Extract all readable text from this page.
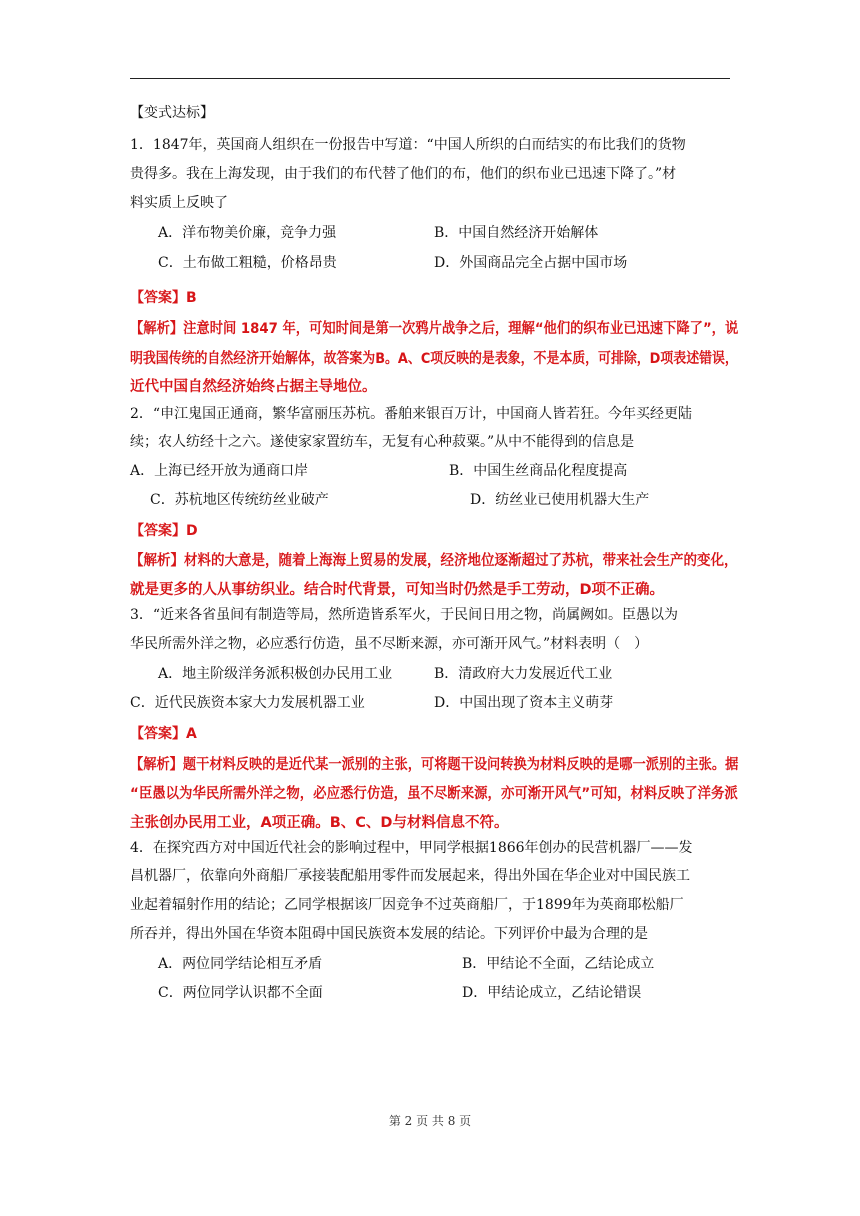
【变式达标】
1．1847年，英国商人组织在一份报告中写道：“中国人所织的白而结实的布比我们的货物
贵得多。我在上海发现，由于我们的布代替了他们的布，他们的织布业已迅速下降了。”材
料实质上反映了
A．洋布物美价廉，竞争力强	B．中国自然经济开始解体
C．土布做工粗糙，价格昂贵	D．外国商品完全占据中国市场
【答案】B
【解析】注意时间 1847 年，可知时间是第一次鸦片战争之后，理解“他们的织布业已迅速下降了”，说
明我国传统的自然经济开始解体，故答案为B。A、C项反映的是表象，不是本质，可排除，D项表述错误，
近代中国自然经济始终占据主导地位。
2．“申江鬼国正通商，繁华富丽压苏杭。番舶来银百万计，中国商人皆若狂。今年买经更陆
续；农人纺经十之六。遂使家家置纺车，无复有心种菽粟。”从中不能得到的信息是
A．上海已经开放为通商口岸	B．中国生丝商品化程度提高
C．苏杭地区传统纺丝业破产	D．纺丝业已使用机器大生产
【答案】D
【解析】材料的大意是，随着上海海上贸易的发展，经济地位逐渐超过了苏杭，带来社会生产的变化，
就是更多的人从事纺织业。结合时代背景，可知当时仍然是手工劳动，D项不正确。
3．“近来各省虽间有制造等局，然所造皆系军火，于民间日用之物，尚属阙如。臣愚以为
华民所需外洋之物，必应悉行仿造，虽不尽断来源，亦可渐开风气。”材料表明（　）
A．地主阶级洋务派积极创办民用工业	B．清政府大力发展近代工业
C．近代民族资本家大力发展机器工业	D．中国出现了资本主义萌芽
【答案】A
【解析】题干材料反映的是近代某一派别的主张，可将题干设问转换为材料反映的是哪一派别的主张。据
“臣愚以为华民所需外洋之物，必应悉行仿造，虽不尽断来源，亦可渐开风气”可知，材料反映了洋务派
主张创办民用工业，A项正确。B、C、D与材料信息不符。
4．在探究西方对中国近代社会的影响过程中，甲同学根据1866年创办的民营机器厂——发
昌机器厂，依靠向外商船厂承接装配船用零件而发展起来，得出外国在华企业对中国民族工
业起着辐射作用的结论；乙同学根据该厂因竞争不过英商船厂，于1899年为英商耶松船厂
所吞并，得出外国在华资本阻碍中国民族资本发展的结论。下列评价中最为合理的是
A．两位同学结论相互矛盾	B．甲结论不全面，乙结论成立
C．两位同学认识都不全面	D．甲结论成立，乙结论错误
第 2 页 共 8 页
